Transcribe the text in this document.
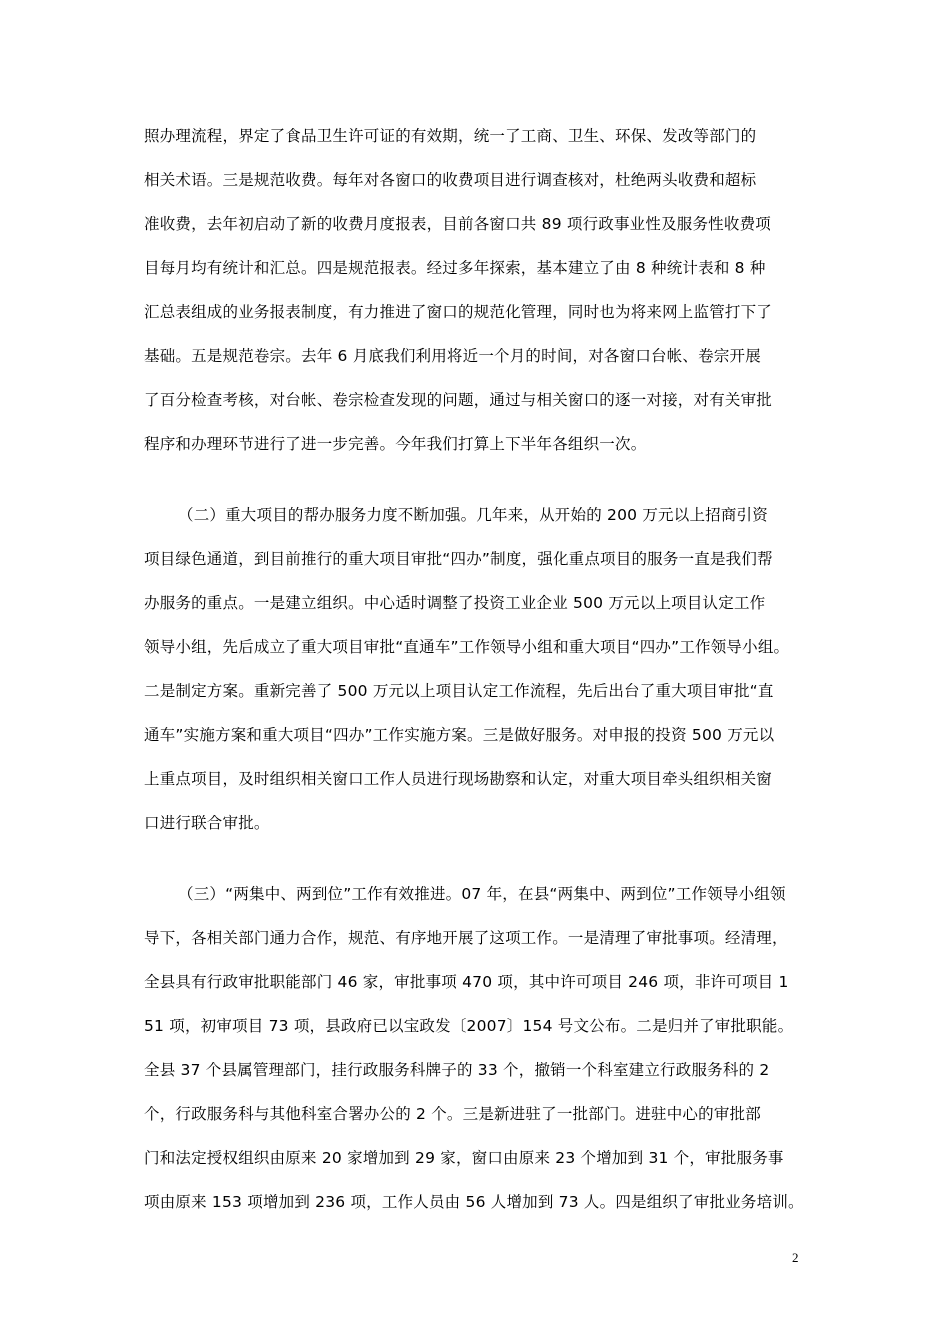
照办理流程，界定了食品卫生许可证的有效期，统一了工商、卫生、环保、发改等部门的
相关术语。三是规范收费。每年对各窗口的收费项目进行调查核对，杜绝两头收费和超标
准收费，去年初启动了新的收费月度报表，目前各窗口共 89 项行政事业性及服务性收费项
目每月均有统计和汇总。四是规范报表。经过多年探索，基本建立了由 8 种统计表和 8 种
汇总表组成的业务报表制度，有力推进了窗口的规范化管理，同时也为将来网上监管打下了
基础。五是规范卷宗。去年 6 月底我们利用将近一个月的时间，对各窗口台帐、卷宗开展
了百分检查考核，对台帐、卷宗检查发现的问题，通过与相关窗口的逐一对接，对有关审批
程序和办理环节进行了进一步完善。今年我们打算上下半年各组织一次。
（二）重大项目的帮办服务力度不断加强。几年来，从开始的 200 万元以上招商引资
项目绿色通道，到目前推行的重大项目审批“四办”制度，强化重点项目的服务一直是我们帮
办服务的重点。一是建立组织。中心适时调整了投资工业企业 500 万元以上项目认定工作
领导小组，先后成立了重大项目审批“直通车”工作领导小组和重大项目“四办”工作领导小组。
二是制定方案。重新完善了 500 万元以上项目认定工作流程，先后出台了重大项目审批“直
通车”实施方案和重大项目“四办”工作实施方案。三是做好服务。对申报的投资 500 万元以
上重点项目，及时组织相关窗口工作人员进行现场勘察和认定，对重大项目牵头组织相关窗
口进行联合审批。
（三）“两集中、两到位”工作有效推进。07 年，在县“两集中、两到位”工作领导小组领
导下，各相关部门通力合作，规范、有序地开展了这项工作。一是清理了审批事项。经清理，
全县具有行政审批职能部门 46 家，审批事项 470 项，其中许可项目 246 项，非许可项目 1
51 项，初审项目 73 项，县政府已以宝政发〔2007〕154 号文公布。二是归并了审批职能。
全县 37 个县属管理部门，挂行政服务科牌子的 33 个，撤销一个科室建立行政服务科的 2
个，行政服务科与其他科室合署办公的 2 个。三是新进驻了一批部门。进驻中心的审批部
门和法定授权组织由原来 20 家增加到 29 家，窗口由原来 23 个增加到 31 个，审批服务事
项由原来 153 项增加到 236 项，工作人员由 56 人增加到 73 人。四是组织了审批业务培训。
2
